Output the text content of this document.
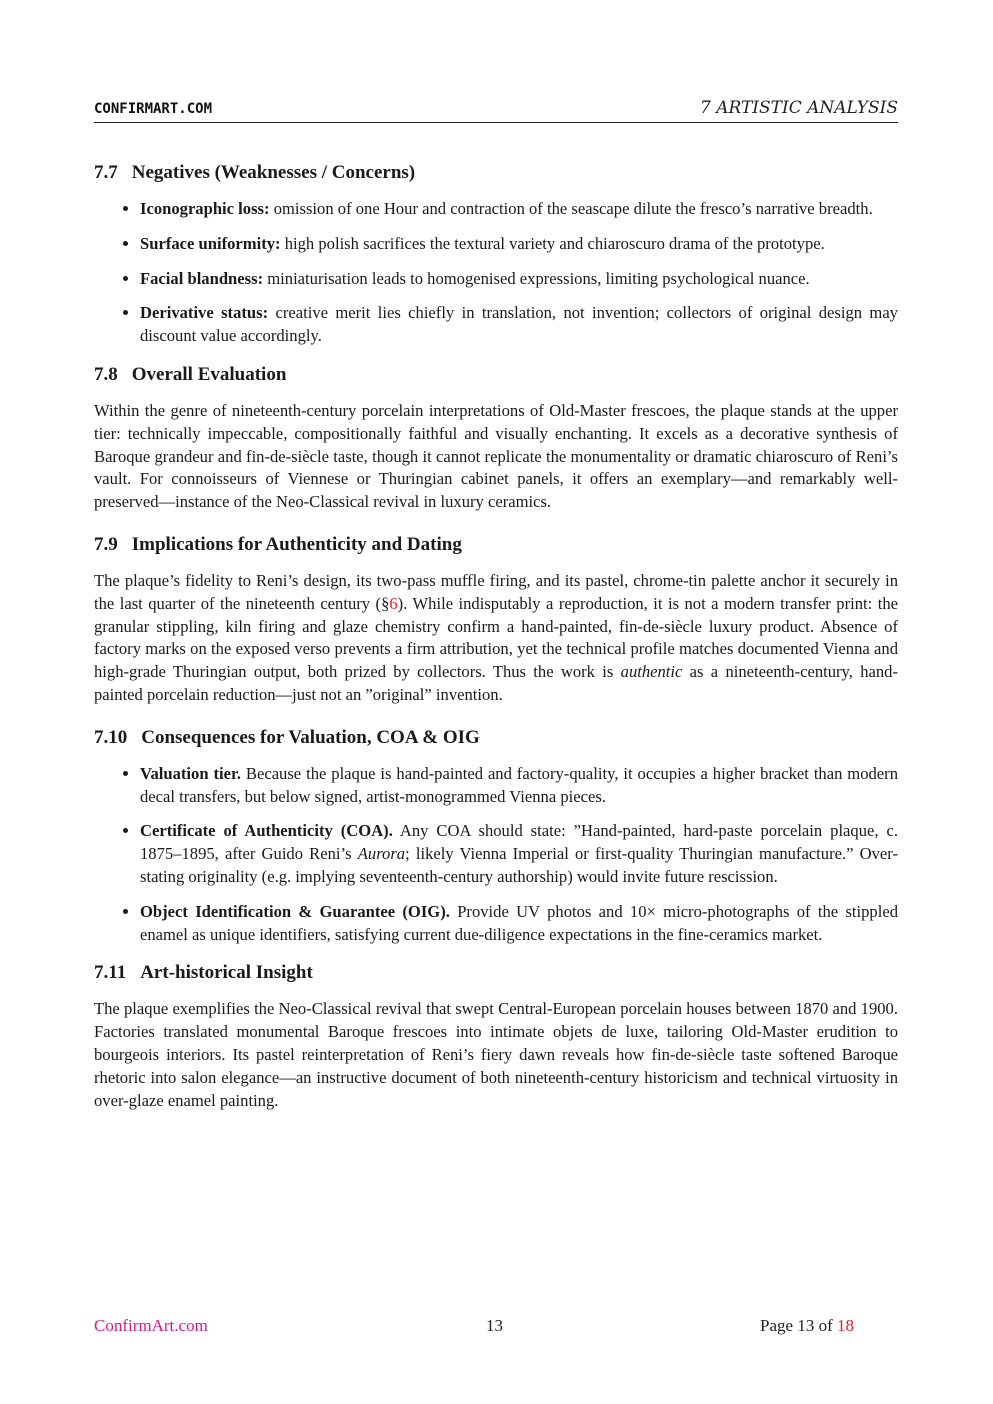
CONFIRMART.COM	7 ARTISTIC ANALYSIS
7.7 Negatives (Weaknesses / Concerns)
• Iconographic loss: omission of one Hour and contraction of the seascape dilute the fresco’s narrative breadth.
• Surface uniformity: high polish sacrifices the textural variety and chiaroscuro drama of the prototype.
• Facial blandness: miniaturisation leads to homogenised expressions, limiting psychological nuance.
• Derivative status: creative merit lies chiefly in translation, not invention; collectors of original design may discount value accordingly.
7.8 Overall Evaluation

Within the genre of nineteenth-century porcelain interpretations of Old-Master frescoes, the plaque stands at the upper tier: technically impeccable, compositionally faithful and visually enchanting. It excels as a decorative synthesis of Baroque grandeur and fin-de-siècle taste, though it cannot replicate the monumentality or dramatic chiaroscuro of Reni’s vault. For connoisseurs of Viennese or Thuringian cabinet panels, it offers an exemplary—and remarkably well-preserved—instance of the Neo-Classical revival in luxury ceramics.

7.9 Implications for Authenticity and Dating

The plaque’s fidelity to Reni’s design, its two-pass muffle firing, and its pastel, chrome-tin palette anchor it securely in the last quarter of the nineteenth century (§6). While indisputably a reproduction, it is not a modern transfer print: the granular stippling, kiln firing and glaze chemistry confirm a hand-painted, fin-de-siècle luxury product. Absence of factory marks on the exposed verso prevents a firm attribution, yet the technical profile matches documented Vienna and high-grade Thuringian output, both prized by collectors. Thus the work is authentic as a nineteenth-century, hand-painted porcelain reduction—just not an ”original” invention.

7.10 Consequences for Valuation, COA & OIG
• Valuation tier. Because the plaque is hand-painted and factory-quality, it occupies a higher bracket than modern decal transfers, but below signed, artist-monogrammed Vienna pieces.
• Certificate of Authenticity (COA). Any COA should state: ”Hand-painted, hard-paste porcelain plaque, c. 1875–1895, after Guido Reni’s Aurora; likely Vienna Imperial or first-quality Thuringian manufacture.” Over-stating originality (e.g. implying seventeenth-century authorship) would invite future rescission.
• Object Identification & Guarantee (OIG). Provide UV photos and 10× micro-photographs of the stippled enamel as unique identifiers, satisfying current due-diligence expectations in the fine-ceramics market.
7.11 Art-historical Insight

The plaque exemplifies the Neo-Classical revival that swept Central-European porcelain houses between 1870 and 1900. Factories translated monumental Baroque frescoes into intimate objets de luxe, tailoring Old-Master erudition to bourgeois interiors. Its pastel reinterpretation of Reni’s fiery dawn reveals how fin-de-siècle taste softened Baroque rhetoric into salon elegance—an instructive document of both nineteenth-century historicism and technical virtuosity in over-glaze enamel painting.

ConfirmArt.com	13	Page 13 of 18
